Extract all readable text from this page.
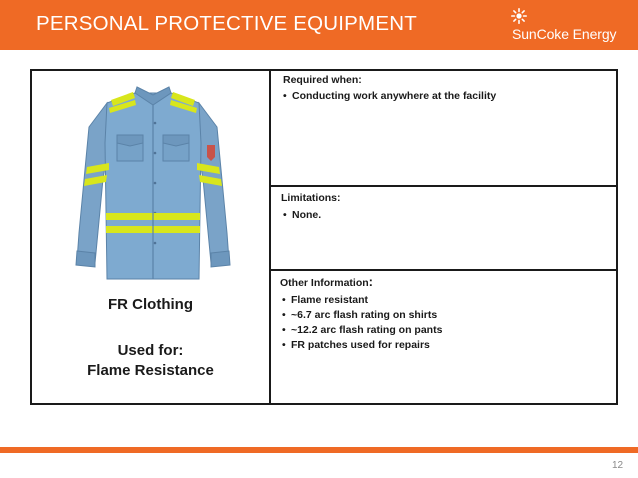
PERSONAL PROTECTIVE EQUIPMENT	SunCoke Energy
FR Clothing
Used for:
Flame Resistance
Required when:
• Conducting work anywhere at the facility
Limitations:
• None.
Other Information:
• Flame resistant
• ~6.7 arc flash rating on shirts
• ~12.2 arc flash rating on pants
• FR patches used for repairs
12
